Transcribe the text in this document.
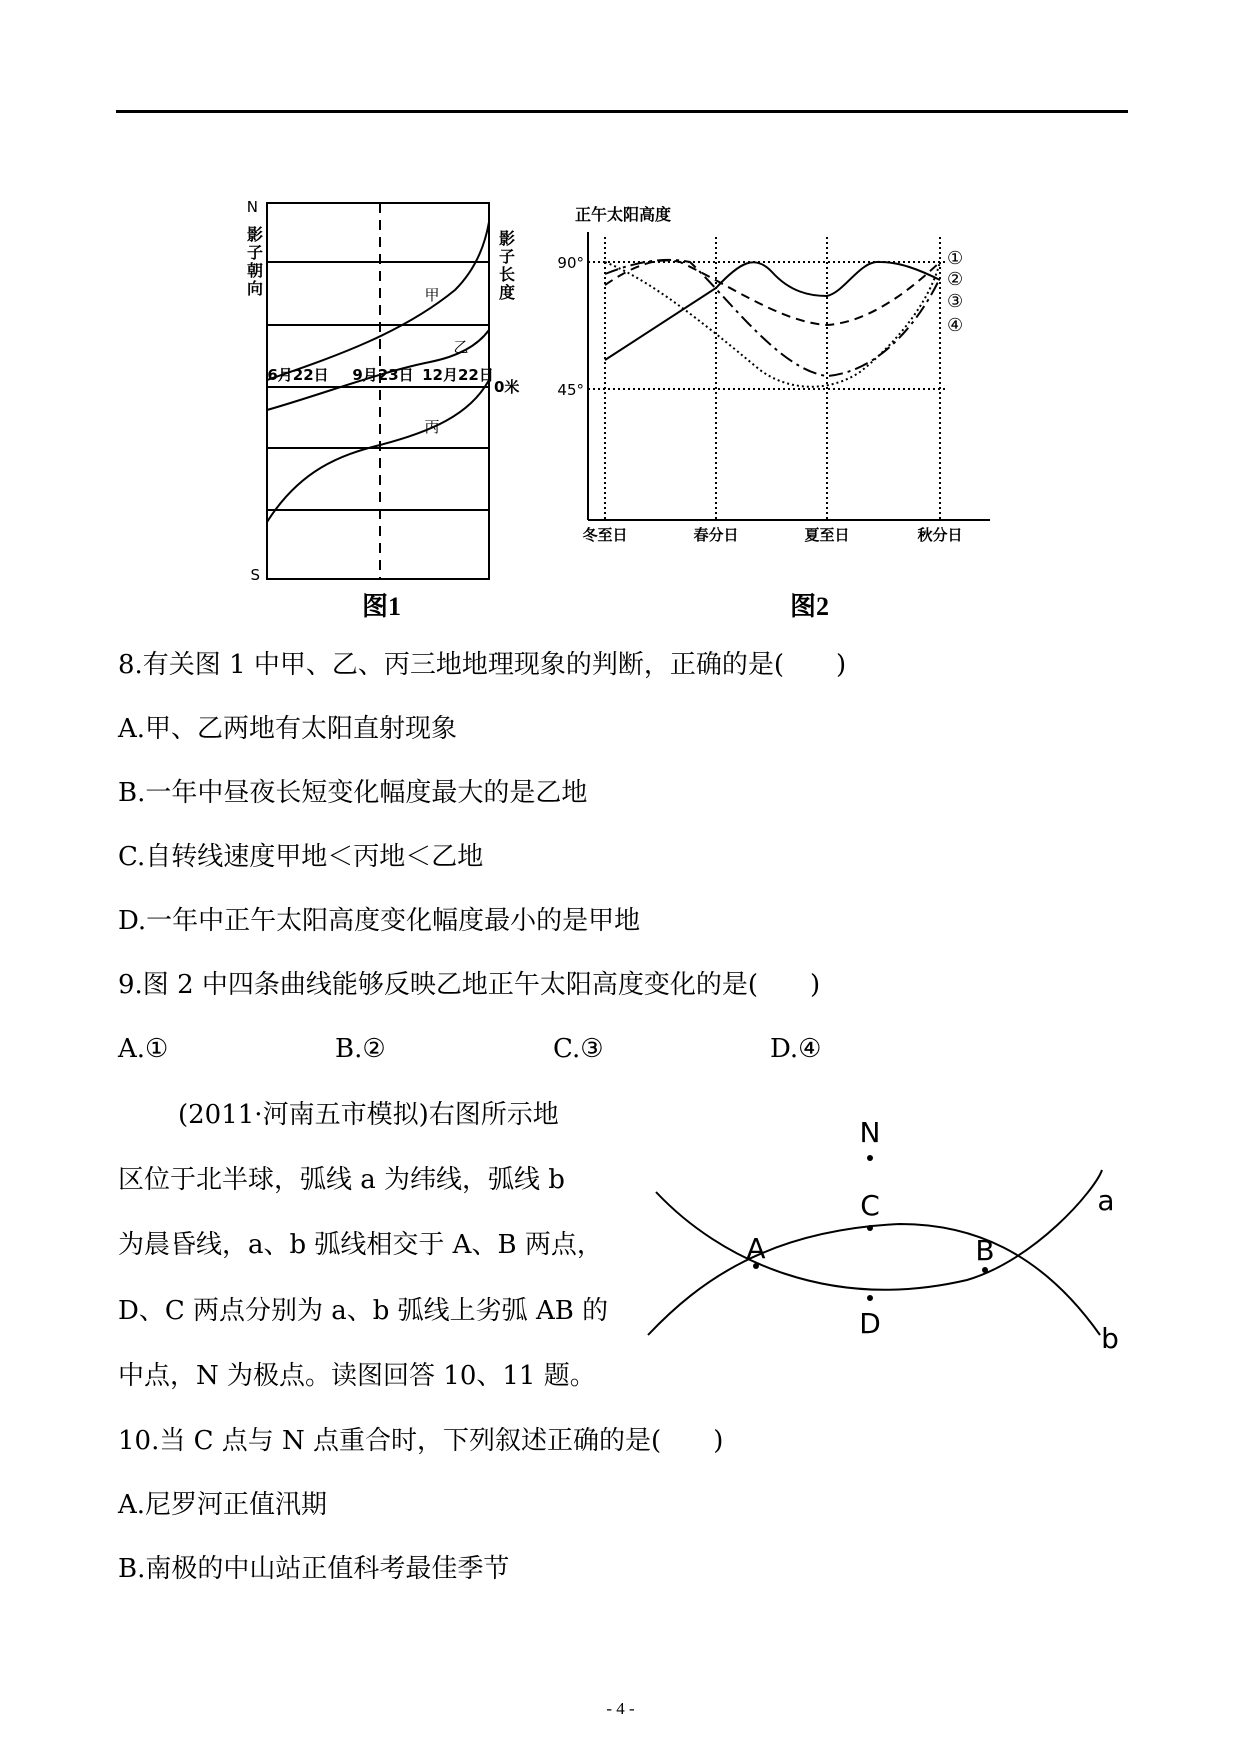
N
S
影
子
朝
向
影
子
长
度
6月22日 9月23日 12月22日
0米
甲
乙
丙
正午太阳高度
90°
45°
冬至日	春分日	夏至日	秋分日
①
②
③
④
图1	图2
8.有关图 1 中甲、乙、丙三地地理现象的判断，正确的是(　　)
A.甲、乙两地有太阳直射现象
B.一年中昼夜长短变化幅度最大的是乙地
C.自转线速度甲地＜丙地＜乙地
D.一年中正午太阳高度变化幅度最小的是甲地
9.图 2 中四条曲线能够反映乙地正午太阳高度变化的是(　　)
A.①	B.②	C.③	D.④
(2011·河南五市模拟)右图所示地
区位于北半球，弧线 a 为纬线，弧线 b
为晨昏线，a、b 弧线相交于 A、B 两点，
D、C 两点分别为 a、b 弧线上劣弧 AB 的
中点，N 为极点。读图回答 10、11 题。
N
A	B
C
D
a
b
10.当 C 点与 N 点重合时，下列叙述正确的是(　　)
A.尼罗河正值汛期
B.南极的中山站正值科考最佳季节
- 4 -
